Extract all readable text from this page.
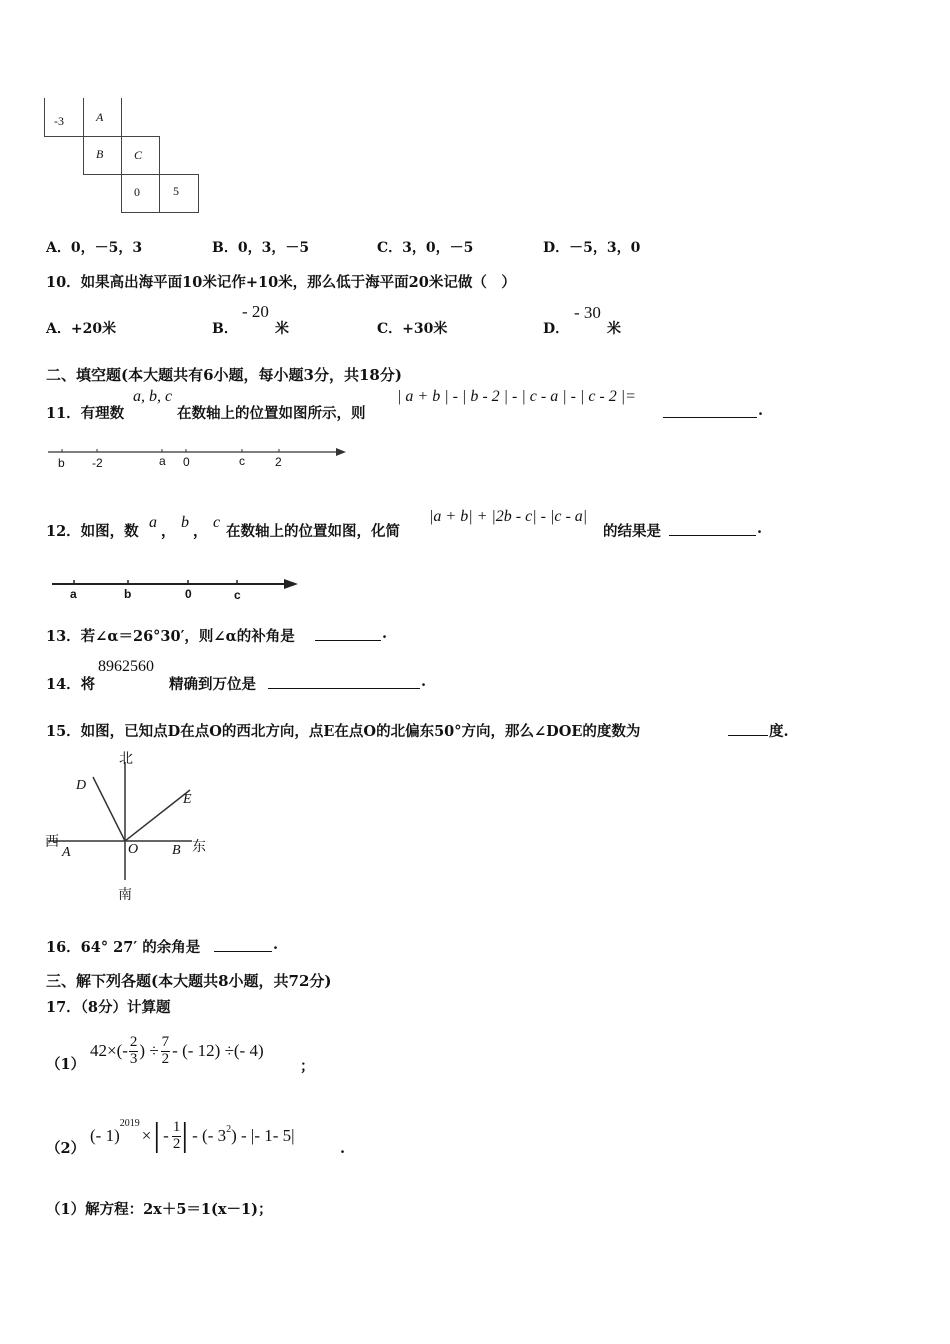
-3	A
B	C
0	5
A．0，－5，3	B．0，3，－5	C．3，0，－5	D．－5，3，0
10．如果高出海平面10米记作+10米，那么低于海平面20米记做（　）
A．+20米	B．
- 20
米	C．+30米	D．
- 30
米
二、填空题(本大题共有6小题，每小题3分，共18分)
11．有理数
a, b, c
在数轴上的位置如图所示，则
| a + b | - | b - 2 | - | c - a | - | c - 2 |=
.
b -2	a 0	c	2
12．如图，数
a
，
b
，
c
在数轴上的位置如图，化简
|a + b| + |2b - c| - |c - a|
的结果是	.
a	b	0	c
13．若∠α＝26°30′，则∠α的补角是	.
14．将
8962560
精确到万位是	.
15．如图，已知点D在点O的西北方向，点E在点O的北偏东50°方向，那么∠DOE的度数为	度.
北
南
西	东
D
E
A	O B
16．64° 27′ 的余角是	.
三、解下列各题(本大题共8小题，共72分)
17．（8分）计算题
（1）
$42\times(- \frac{2}{3}$ ) ÷ $\frac{7}{2}$ - (- 12) ÷(- 4)
；
（2）
(- 1)
$^{2019}$
× | - $\frac{1}{2}$ | - (- $3^2$ ) - |- 1- 5|
.
（1）解方程：2x＋5＝1(x－1)；
